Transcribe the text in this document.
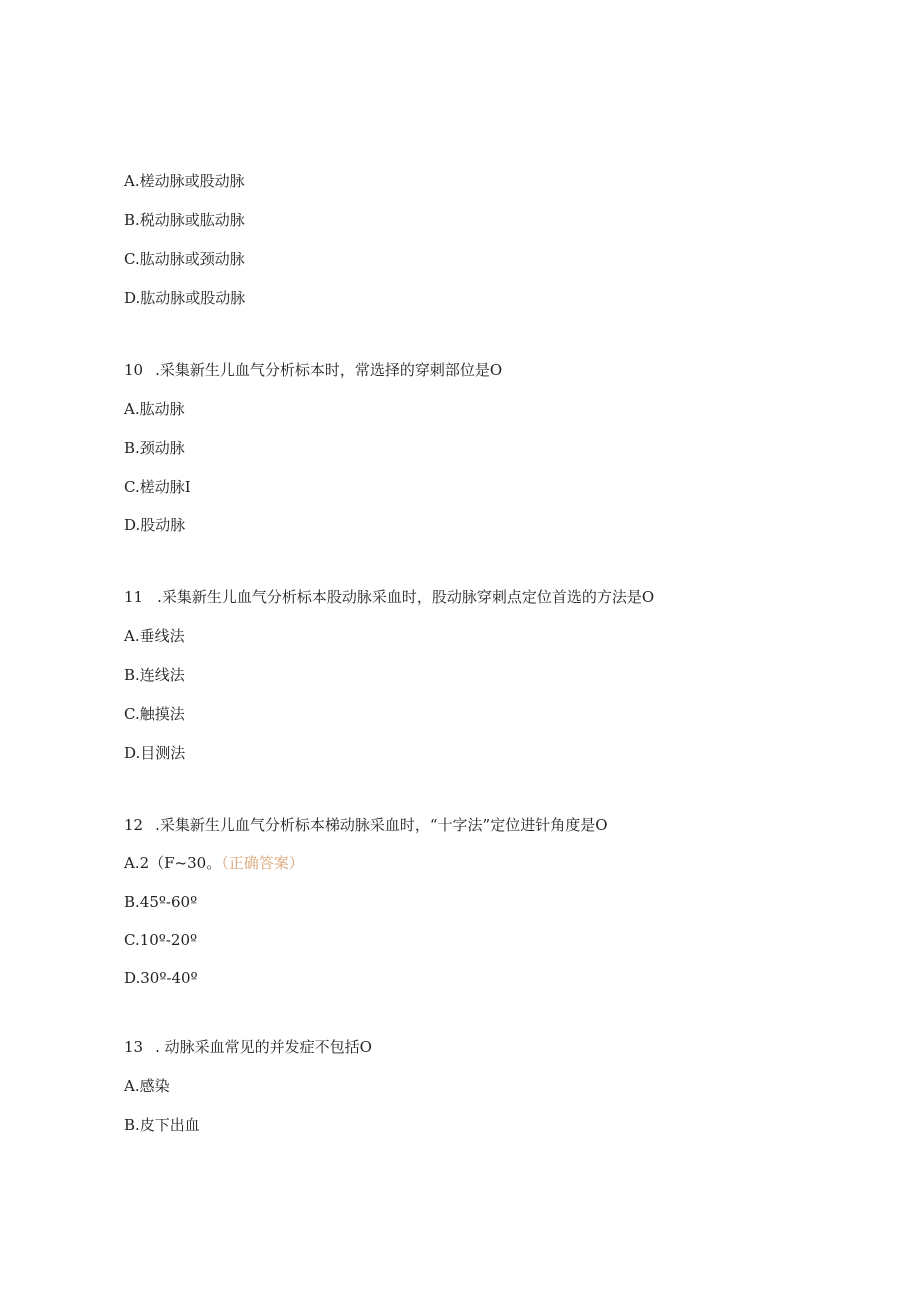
A.槎动脉或股动脉
B.税动脉或肱动脉
C.肱动脉或颈动脉
D.肱动脉或股动脉
10 .采集新生儿血气分析标本时，常选择的穿刺部位是O
A.肱动脉
B.颈动脉
C.槎动脉I
D.股动脉
11 .采集新生儿血气分析标本股动脉采血时，股动脉穿刺点定位首选的方法是O
A.垂线法
B.连线法
C.触摸法
D.目测法
12 .采集新生儿血气分析标本梯动脉采血时，“十字法”定位进针角度是O
A.2（F~30。（正确答案）
B.45º-60º
C.10º-20º
D.30º-40º
13 . 动脉采血常见的并发症不包括O
A.感染
B.皮下出血
